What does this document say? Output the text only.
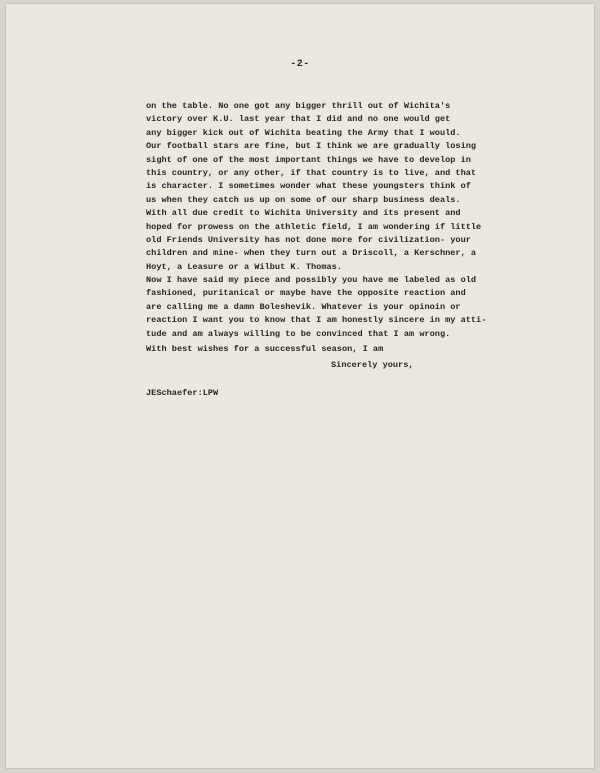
-2-
on the table. No one got any bigger thrill out of Wichita's
victory over K.U. last year that I did and no one would get
any bigger kick out of Wichita beating the Army that I would.
Our football stars are fine, but I think we are gradually losing
sight of one of the most important things we have to develop in
this country, or any other, if that country is to live, and that
is character. I sometimes wonder what these youngsters think of
us when they catch us up on some of our sharp business deals.
With all due credit to Wichita University and its present and
hoped for prowess on the athletic field, I am wondering if little
old Friends University has not done more for civilization- your
children and mine- when they turn out a Driscoll, a Kerschner, a
Hoyt, a Leasure or a Wilbut K. Thomas.
Now I have said my piece and possibly you have me labeled as old
fashioned, puritanical or maybe have the opposite reaction and
are calling me a damn Boleshevik. Whatever is your opinoin or
reaction I want you to know that I am honestly sincere in my atti-
tude and am always willing to be convinced that I am wrong.
With best wishes for a successful season, I am
Sincerely yours,
JESchaefer:LPW
